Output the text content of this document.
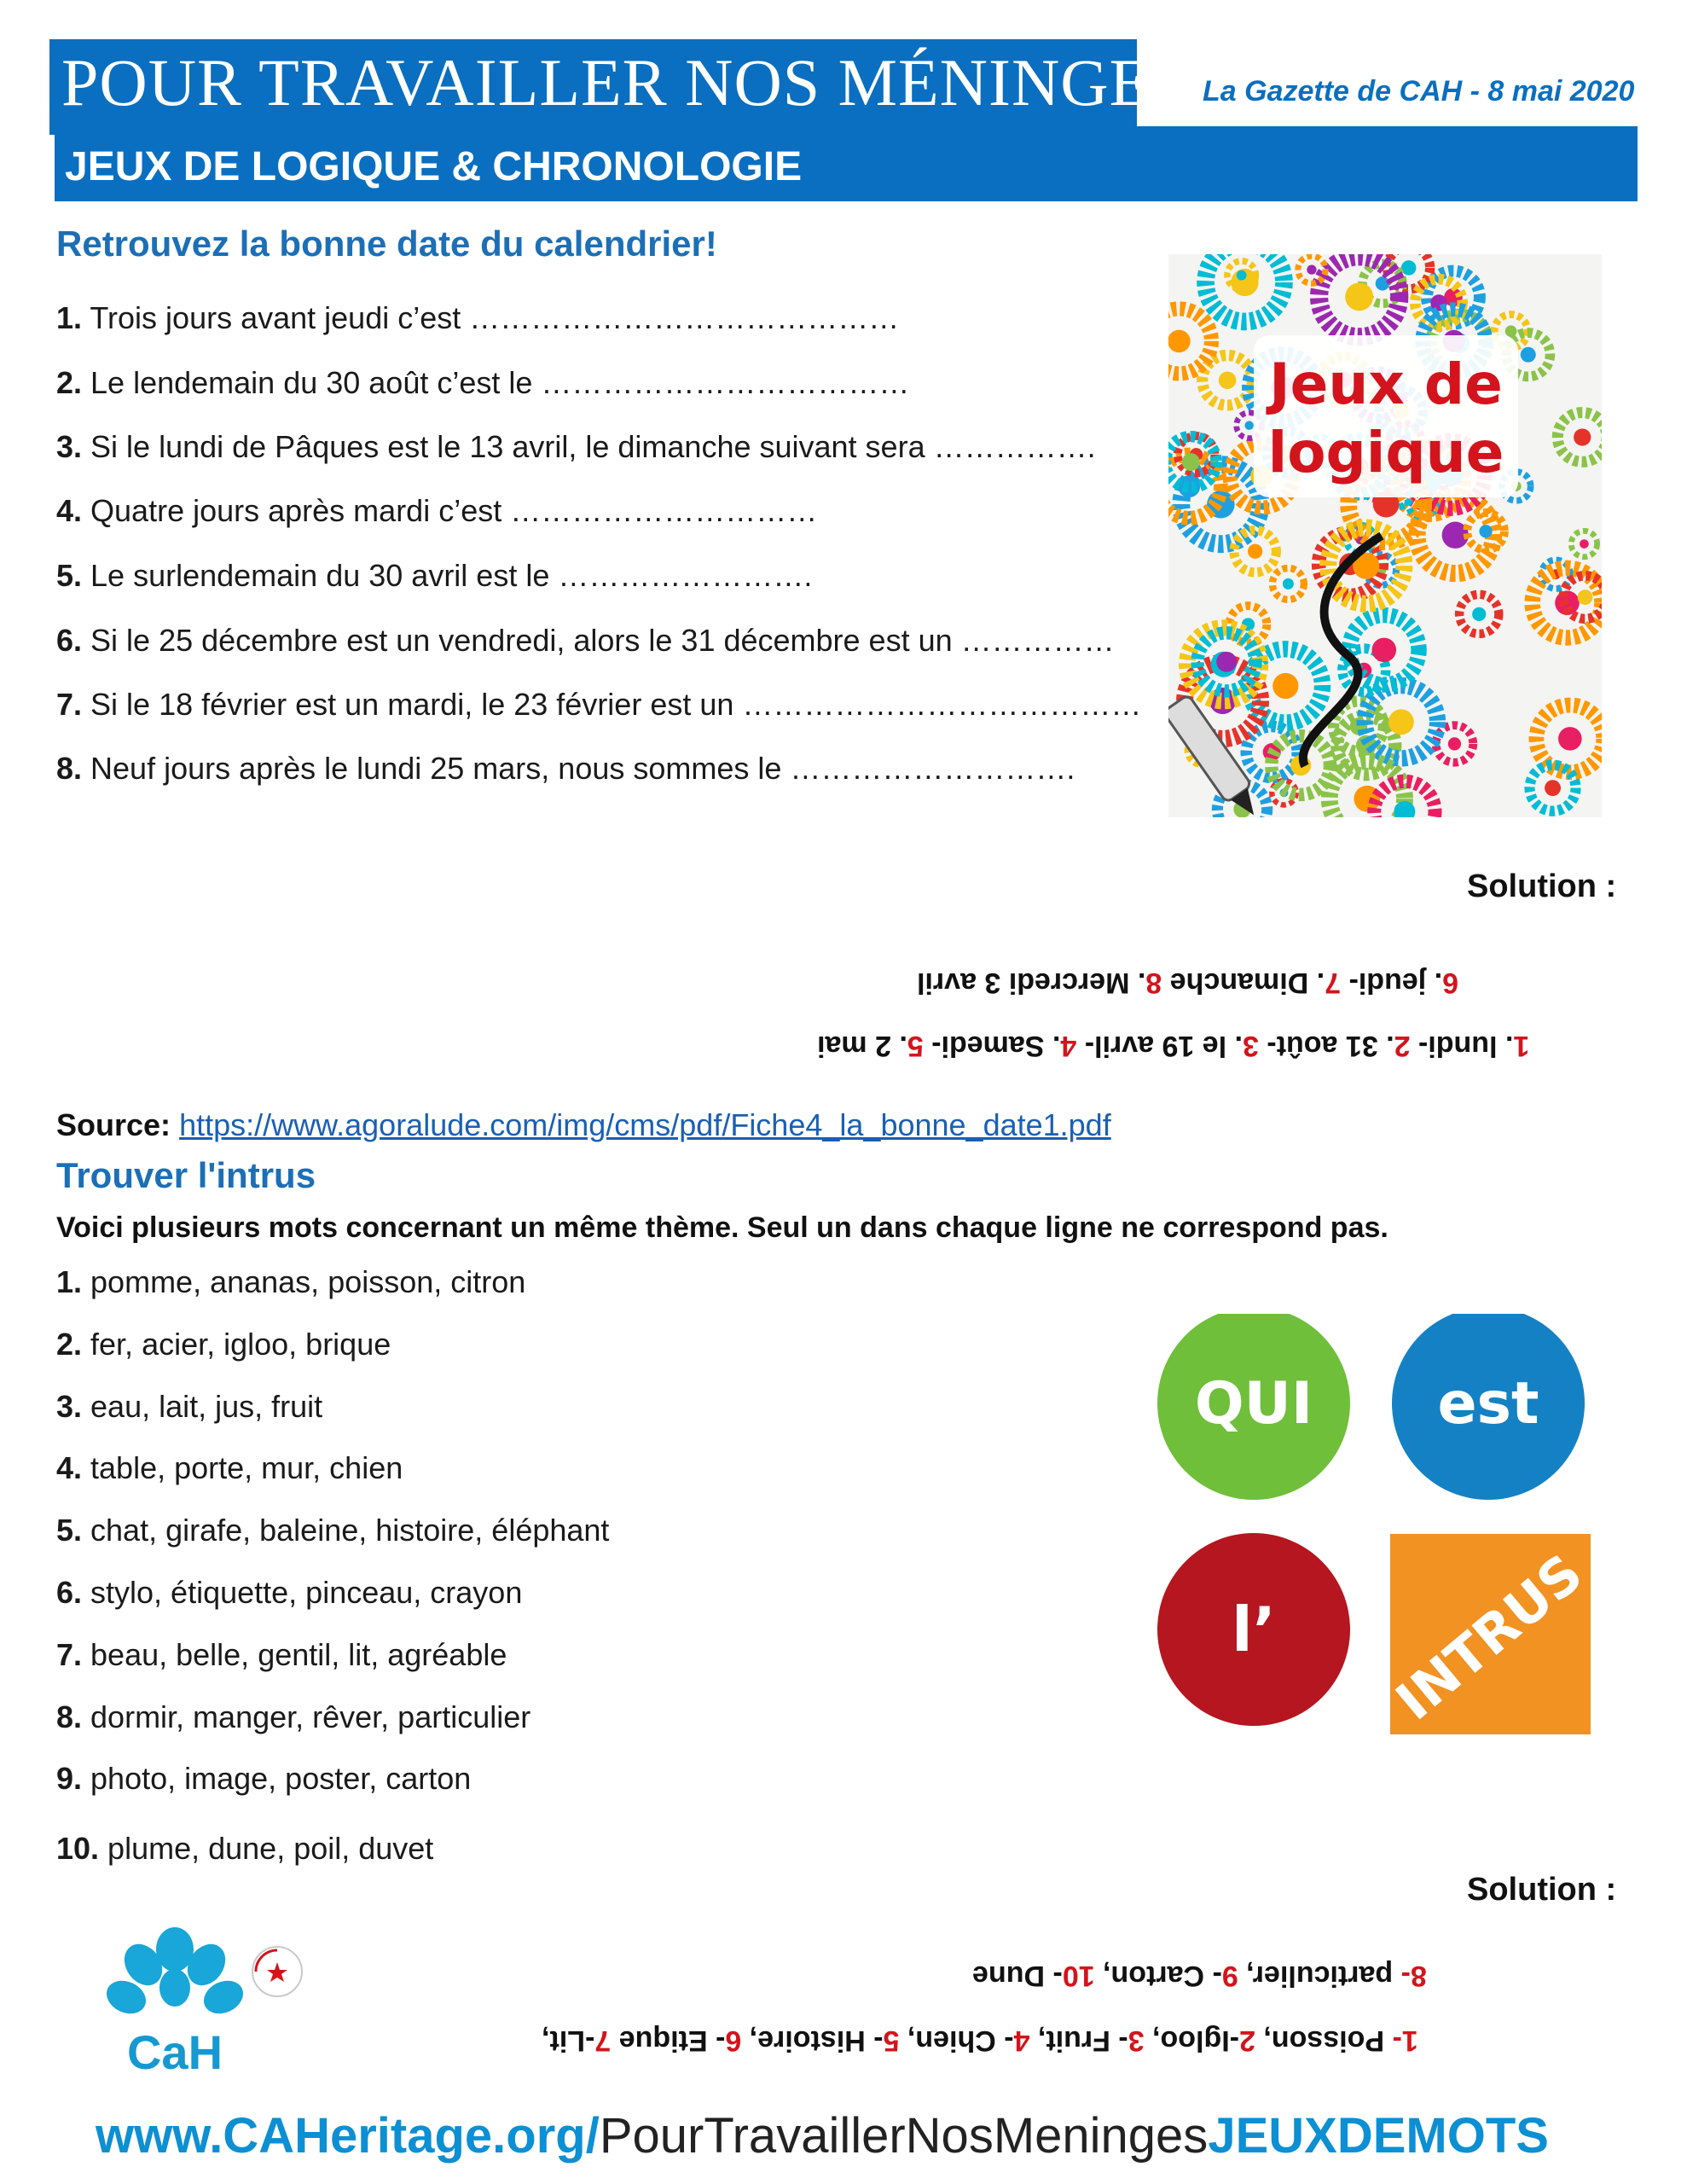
POUR TRAVAILLER NOS MÉNINGES
JEUX DE LOGIQUE & CHRONOLOGIE
La Gazette de CAH - 8 mai 2020
Retrouvez la bonne date du calendrier!
1. Trois jours avant jeudi c’est ……………………………………
2. Le lendemain du 30 août c’est le ………………………………
3. Si le lundi de Pâques est le 13 avril, le dimanche suivant sera …………….
4. Quatre jours après mardi c’est …………………………
5. Le surlendemain du 30 avril est le …………………….
6. Si le 25 décembre est un vendredi, alors le 31 décembre est un ……………
7. Si le 18 février est un mardi, le 23 février est un …………………………………
8. Neuf jours après le lundi 25 mars, nous sommes le ……………………….
Jeux de
logique
Solution :
6. jeudi- 7. Dimanche 8. Mercredi 3 avril
1. lundi- 2. 31 août- 3. le 19 avril- 4. Samedi- 5. 2 mai
Source: https://www.agoralude.com/img/cms/pdf/Fiche4_la_bonne_date1.pdf
Trouver l'intrus
Voici plusieurs mots concernant un même thème. Seul un dans chaque ligne ne correspond pas.
1. pomme, ananas, poisson, citron
2. fer, acier, igloo, brique
3. eau, lait, jus, fruit
4. table, porte, mur, chien
5. chat, girafe, baleine, histoire, éléphant
6. stylo, étiquette, pinceau, crayon
7. beau, belle, gentil, lit, agréable
8. dormir, manger, rêver, particulier
9. photo, image, poster, carton
10. plume, dune, poil, duvet
QUI est
l’ INTRUS
Solution :
8- particulier, 9- Carton, 10- Dune
1- Poisson, 2-Igloo, 3- Fruit, 4- Chien, 5- Histoire, 6- Etique 7-Lit,
CaH
www.CAHeritage.org/PourTravaillerNosMeningesJEUXDEMOTS
